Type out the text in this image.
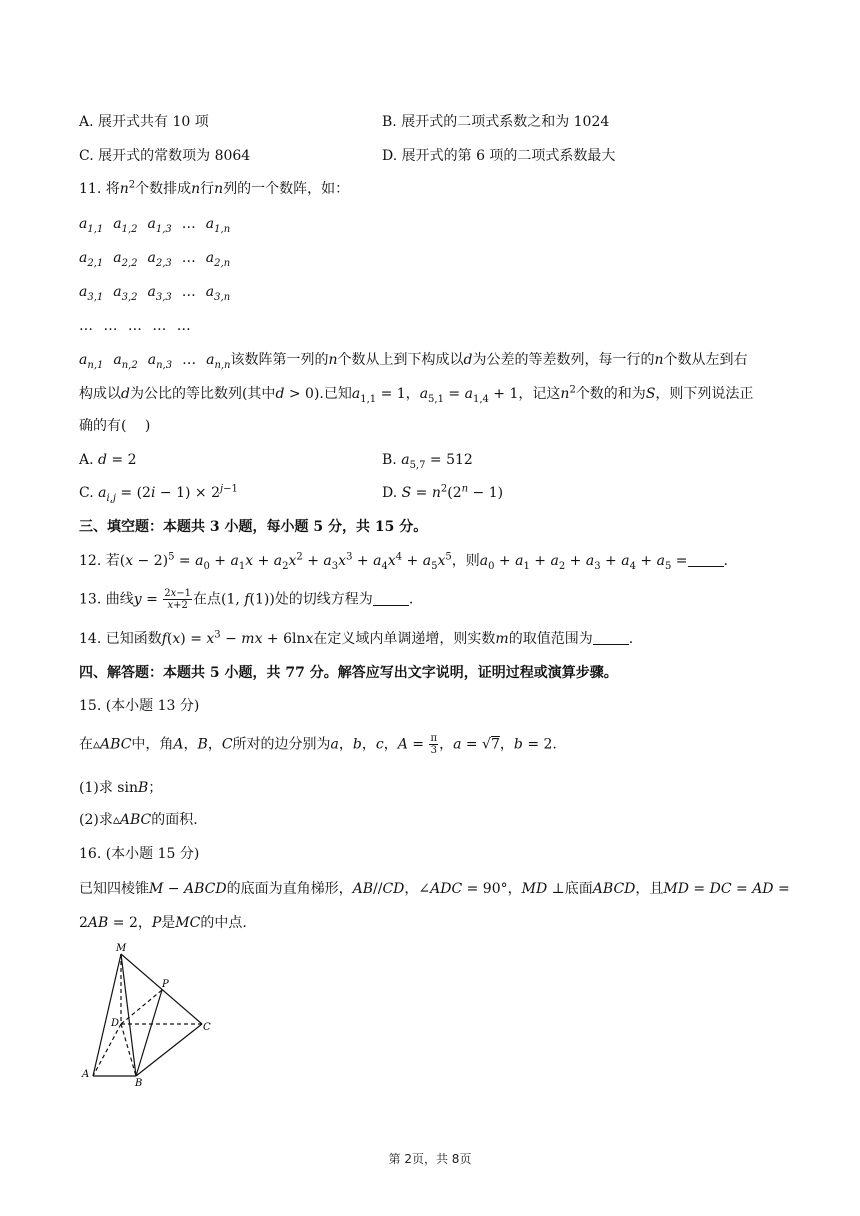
A. 展开式共有 10 项	B. 展开式的二项式系数之和为 1024
C. 展开式的常数项为 8064	D. 展开式的第 6 项的二项式系数最大
11. 将$n^2$个数排成n行n列的一个数阵，如：
$a_{1,1}$ $a_{1,2}$ $a_{1,3}$ … $a_{1,n}$
$a_{2,1}$ $a_{2,2}$ $a_{2,3}$ … $a_{2,n}$
$a_{3,1}$ $a_{3,2}$ $a_{3,3}$ … $a_{3,n}$
… … … … …
$a_{n,1}$ $a_{n,2}$ $a_{n,3}$ … $a_{n,n}$该数阵第一列的n个数从上到下构成以d为公差的等差数列，每一行的n个数从左到右
构成以d为公比的等比数列(其中d > 0).已知$a_{1,1} = 1$，$a_{5,1} = a_{1,4} + 1$，记这$n^2$个数的和为S，则下列说法正
确的有(　 )
A. d = 2	B. $a_{5,7} = 512$
C. $a_{i,j} = (2i - 1) \times 2^{j-1}$	D. $S = n^2(2^n - 1)$
三、填空题：本题共 3 小题，每小题 5 分，共 15 分。
12. 若$(x - 2)^5 = a_0 + a_1x + a_2x^2 + a_3x^3 + a_4x^4 + a_5x^5$，则$a_0 + a_1 + a_2 + a_3 + a_4 + a_5$ =	.
13. 曲线$y = \frac{2x-1}{x+2}$ 在点(1, f(1))处的切线方程为	.
14. 已知函数$f(x) = x^3$ − mx + 6lnx在定义域内单调递增，则实数m的取值范围为	.
四、解答题：本题共 5 小题，共 77 分。解答应写出文字说明，证明过程或演算步骤。
15. (本小题 13 分)
在▵ABC中，角A，B，C所对的边分别为a，b，c，$A = \frac{\pi}{3}$ ，a = √7，b = 2.
(1)求 sinB；
(2)求▵ABC的面积.
16. (本小题 15 分)
已知四棱锥M − ABCD的底面为直角梯形，AB//CD，∠ADC = 90°，MD ⊥底面ABCD，且MD = DC = AD =
2AB = 2，P是MC的中点.
M
P
D	C
A
B
第 2页，共 8页
